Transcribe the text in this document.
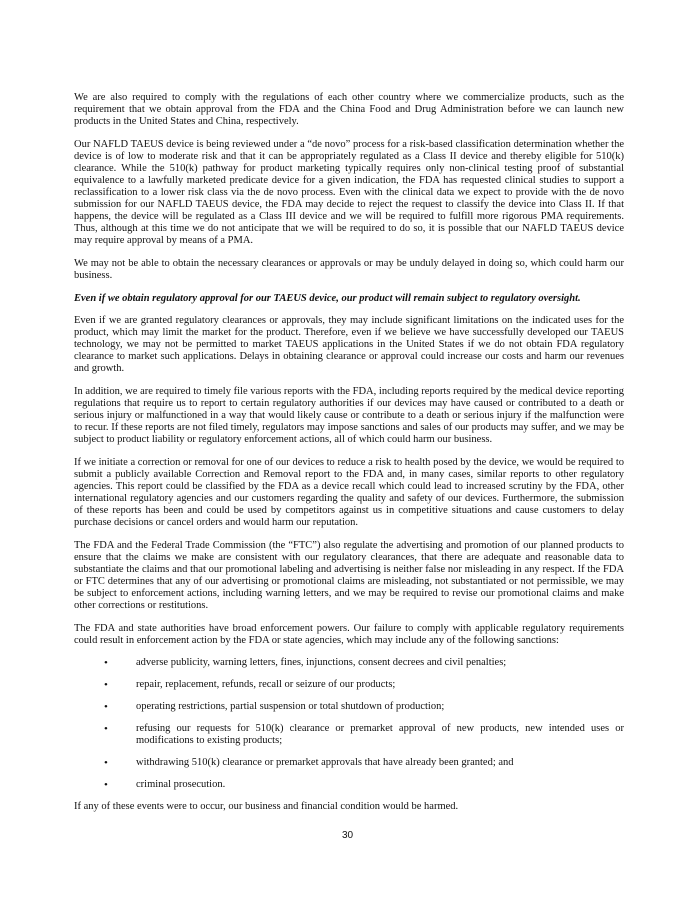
We are also required to comply with the regulations of each other country where we commercialize products, such as the requirement that we obtain approval from the FDA and the China Food and Drug Administration before we can launch new products in the United States and China, respectively.

Our NAFLD TAEUS device is being reviewed under a “de novo” process for a risk-based classification determination whether the device is of low to moderate risk and that it can be appropriately regulated as a Class II device and thereby eligible for 510(k) clearance. While the 510(k) pathway for product marketing typically requires only non-clinical testing proof of substantial equivalence to a lawfully marketed predicate device for a given indication, the FDA has requested clinical studies to support a reclassification to a lower risk class via the de novo process. Even with the clinical data we expect to provide with the de novo submission for our NAFLD TAEUS device, the FDA may decide to reject the request to classify the device into Class II. If that happens, the device will be regulated as a Class III device and we will be required to fulfill more rigorous PMA requirements. Thus, although at this time we do not anticipate that we will be required to do so, it is possible that our NAFLD TAEUS device may require approval by means of a PMA.

We may not be able to obtain the necessary clearances or approvals or may be unduly delayed in doing so, which could harm our business.

Even if we obtain regulatory approval for our TAEUS device, our product will remain subject to regulatory oversight.

Even if we are granted regulatory clearances or approvals, they may include significant limitations on the indicated uses for the product, which may limit the market for the product. Therefore, even if we believe we have successfully developed our TAEUS technology, we may not be permitted to market TAEUS applications in the United States if we do not obtain FDA regulatory clearance to market such applications. Delays in obtaining clearance or approval could increase our costs and harm our revenues and growth.

In addition, we are required to timely file various reports with the FDA, including reports required by the medical device reporting regulations that require us to report to certain regulatory authorities if our devices may have caused or contributed to a death or serious injury or malfunctioned in a way that would likely cause or contribute to a death or serious injury if the malfunction were to recur. If these reports are not filed timely, regulators may impose sanctions and sales of our products may suffer, and we may be subject to product liability or regulatory enforcement actions, all of which could harm our business.

If we initiate a correction or removal for one of our devices to reduce a risk to health posed by the device, we would be required to submit a publicly available Correction and Removal report to the FDA and, in many cases, similar reports to other regulatory agencies. This report could be classified by the FDA as a device recall which could lead to increased scrutiny by the FDA, other international regulatory agencies and our customers regarding the quality and safety of our devices. Furthermore, the submission of these reports has been and could be used by competitors against us in competitive situations and cause customers to delay purchase decisions or cancel orders and would harm our reputation.

The FDA and the Federal Trade Commission (the “FTC”) also regulate the advertising and promotion of our planned products to ensure that the claims we make are consistent with our regulatory clearances, that there are adequate and reasonable data to substantiate the claims and that our promotional labeling and advertising is neither false nor misleading in any respect. If the FDA or FTC determines that any of our advertising or promotional claims are misleading, not substantiated or not permissible, we may be subject to enforcement actions, including warning letters, and we may be required to revise our promotional claims and make other corrections or restitutions.

The FDA and state authorities have broad enforcement powers. Our failure to comply with applicable regulatory requirements could result in enforcement action by the FDA or state agencies, which may include any of the following sanctions:

•	adverse publicity, warning letters, fines, injunctions, consent decrees and civil penalties;
•	repair, replacement, refunds, recall or seizure of our products;
•	operating restrictions, partial suspension or total shutdown of production;
•	refusing our requests for 510(k) clearance or premarket approval of new products, new intended uses or modifications to existing products;
•	withdrawing 510(k) clearance or premarket approvals that have already been granted; and
•	criminal prosecution.

If any of these events were to occur, our business and financial condition would be harmed.

30
